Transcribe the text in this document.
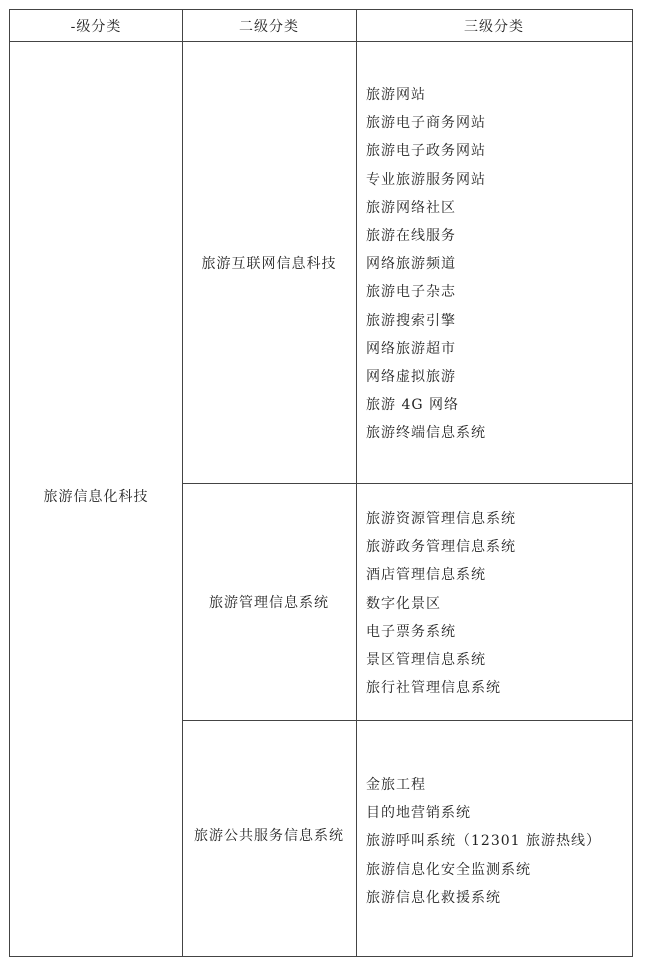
-级分类	二级分类	三级分类
旅游信息化科技
旅游互联网信息科技
旅游网站
旅游电子商务网站
旅游电子政务网站
专业旅游服务网站
旅游网络社区
旅游在线服务
网络旅游频道
旅游电子杂志
旅游搜索引擎
网络旅游超市
网络虚拟旅游
旅游 4G 网络
旅游终端信息系统
旅游管理信息系统
旅游资源管理信息系统
旅游政务管理信息系统
酒店管理信息系统
数字化景区
电子票务系统
景区管理信息系统
旅行社管理信息系统
旅游公共服务信息系统
金旅工程
目的地营销系统
旅游呼叫系统（12301 旅游热线）
旅游信息化安全监测系统
旅游信息化救援系统
